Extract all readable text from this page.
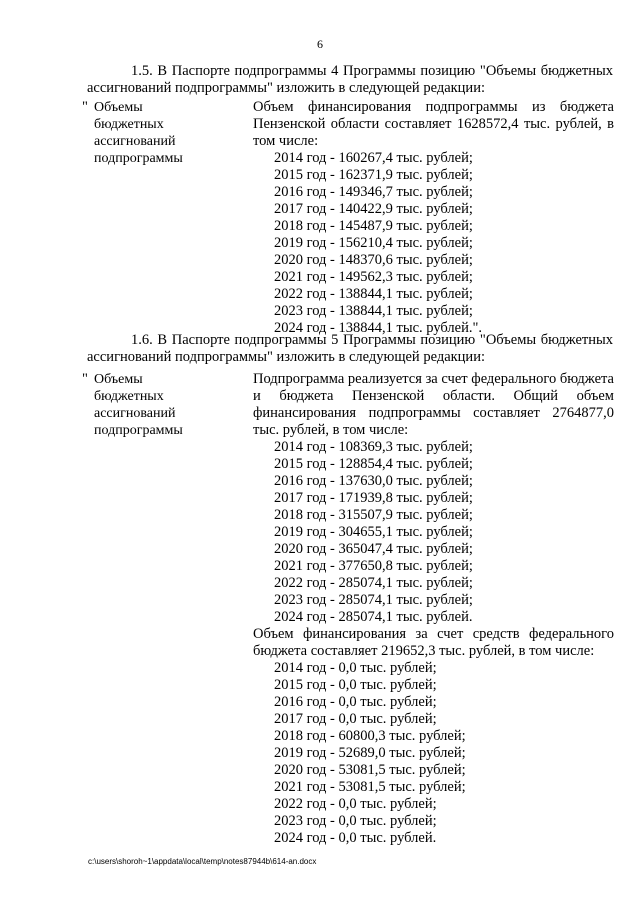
6
1.5. В Паспорте подпрограммы 4 Программы позицию "Объемы бюджетных ассигнований подпрограммы" изложить в следующей редакции:
" Объемы
бюджетных
ассигнований
подпрограммы
Объем финансирования подпрограммы из бюджета Пензенской области составляет 1628572,4 тыс. рублей, в том числе:
2014 год - 160267,4 тыс. рублей;
2015 год - 162371,9 тыс. рублей;
2016 год - 149346,7 тыс. рублей;
2017 год - 140422,9 тыс. рублей;
2018 год - 145487,9 тыс. рублей;
2019 год - 156210,4 тыс. рублей;
2020 год - 148370,6 тыс. рублей;
2021 год - 149562,3 тыс. рублей;
2022 год - 138844,1 тыс. рублей;
2023 год - 138844,1 тыс. рублей;
2024 год - 138844,1 тыс. рублей.".
1.6. В Паспорте подпрограммы 5 Программы позицию "Объемы бюджетных ассигнований подпрограммы" изложить в следующей редакции:
" Объемы
бюджетных
ассигнований
подпрограммы
Подпрограмма реализуется за счет федерального бюджета и бюджета Пензенской области. Общий объем финансирования подпрограммы составляет 2764877,0 тыс. рублей, в том числе:
2014 год - 108369,3 тыс. рублей;
2015 год - 128854,4 тыс. рублей;
2016 год - 137630,0 тыс. рублей;
2017 год - 171939,8 тыс. рублей;
2018 год - 315507,9 тыс. рублей;
2019 год - 304655,1 тыс. рублей;
2020 год - 365047,4 тыс. рублей;
2021 год - 377650,8 тыс. рублей;
2022 год - 285074,1 тыс. рублей;
2023 год - 285074,1 тыс. рублей;
2024 год - 285074,1 тыс. рублей.
Объем финансирования за счет средств федерального бюджета составляет 219652,3 тыс. рублей, в том числе:
2014 год - 0,0 тыс. рублей;
2015 год - 0,0 тыс. рублей;
2016 год - 0,0 тыс. рублей;
2017 год - 0,0 тыс. рублей;
2018 год - 60800,3 тыс. рублей;
2019 год - 52689,0 тыс. рублей;
2020 год - 53081,5 тыс. рублей;
2021 год - 53081,5 тыс. рублей;
2022 год - 0,0 тыс. рублей;
2023 год - 0,0 тыс. рублей;
2024 год - 0,0 тыс. рублей.
c:\users\shoroh~1\appdata\local\temp\notes87944b\614-an.docx
